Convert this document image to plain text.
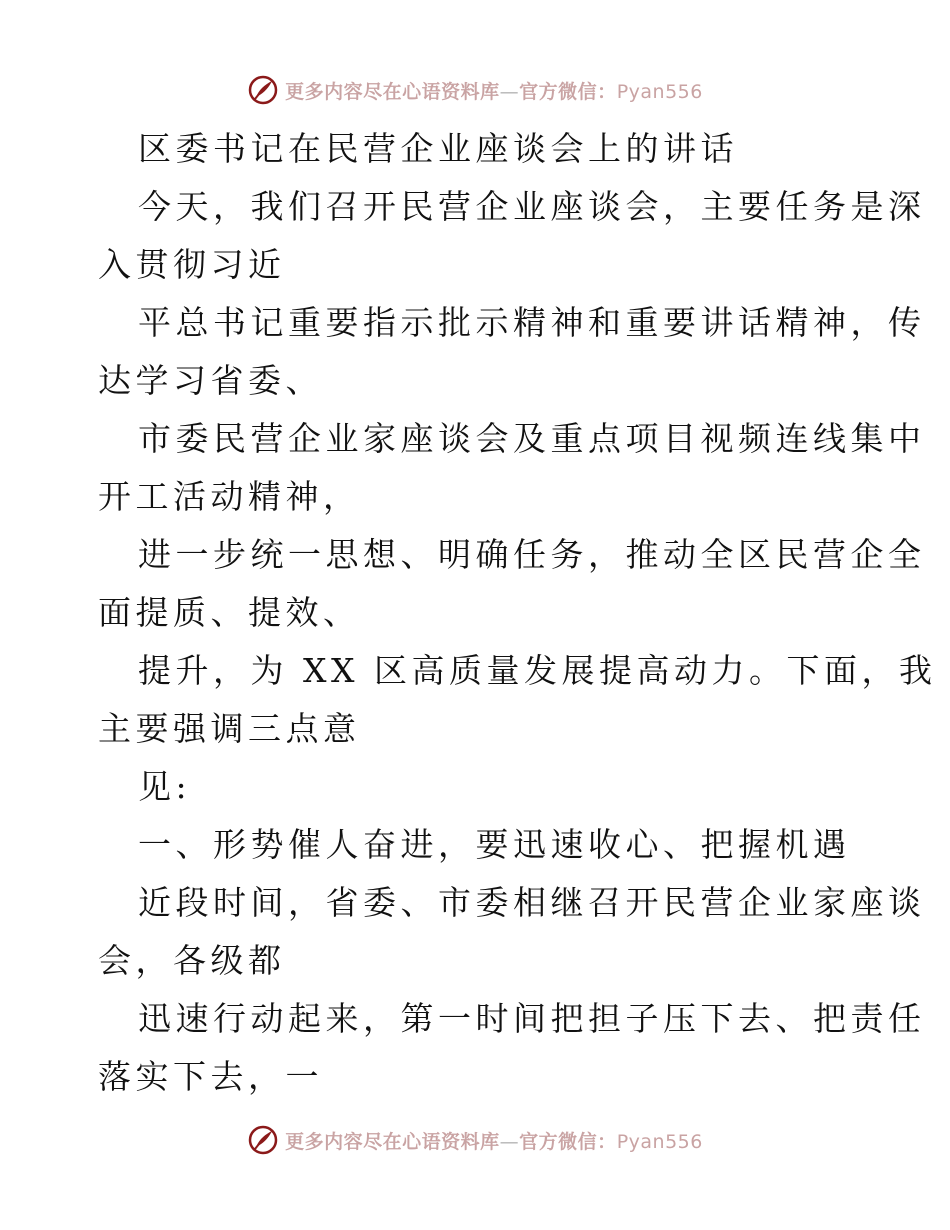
更多内容尽在心语资料库—官方微信：Pyan556
区委书记在民营企业座谈会上的讲话
今天，我们召开民营企业座谈会，主要任务是深
入贯彻习近
平总书记重要指示批示精神和重要讲话精神，传
达学习省委、
市委民营企业家座谈会及重点项目视频连线集中
开工活动精神，
进一步统一思想、明确任务，推动全区民营企全
面提质、提效、
提升，为 XX 区高质量发展提高动力。下面，我
主要强调三点意
见:
一、形势催人奋进，要迅速收心、把握机遇
近段时间，省委、市委相继召开民营企业家座谈
会，各级都
迅速行动起来，第一时间把担子压下去、把责任
落实下去，一
更多内容尽在心语资料库—官方微信：Pyan556
